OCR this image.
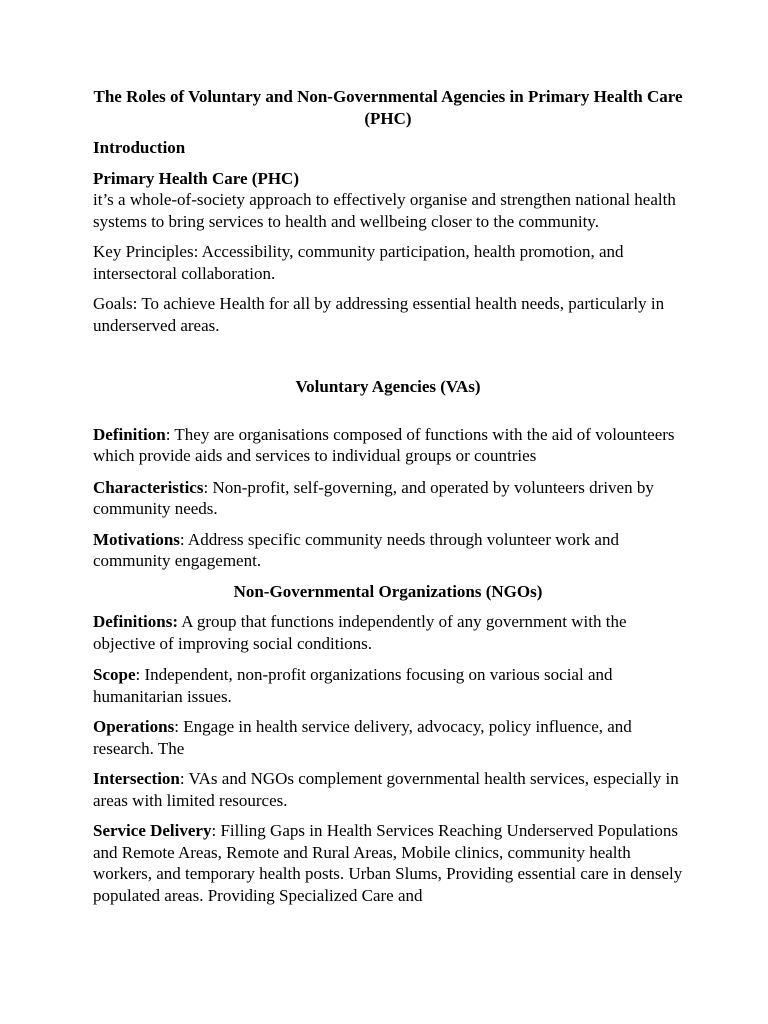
The Roles of Voluntary and Non-Governmental Agencies in Primary Health Care (PHC)

Introduction

Primary Health Care (PHC)

it’s a whole-of-society approach to effectively organise and strengthen national health systems to bring services to health and wellbeing closer to the community.

Key Principles: Accessibility, community participation, health promotion, and intersectoral collaboration.

Goals: To achieve Health for all by addressing essential health needs, particularly in underserved areas.

Voluntary Agencies (VAs)

Definition: They are organisations composed of functions with the aid of volounteers which provide aids and services to individual groups or countries

Characteristics: Non-profit, self-governing, and operated by volunteers driven by community needs.

Motivations: Address specific community needs through volunteer work and community engagement.

Non-Governmental Organizations (NGOs)

Definitions: A group that functions independently of any government with the objective of improving social conditions.

Scope: Independent, non-profit organizations focusing on various social and humanitarian issues.

Operations: Engage in health service delivery, advocacy, policy influence, and research. The

Intersection: VAs and NGOs complement governmental health services, especially in areas with limited resources.

Service Delivery: Filling Gaps in Health Services Reaching Underserved Populations and Remote Areas, Remote and Rural Areas, Mobile clinics, community health workers, and temporary health posts. Urban Slums, Providing essential care in densely populated areas. Providing Specialized Care and
